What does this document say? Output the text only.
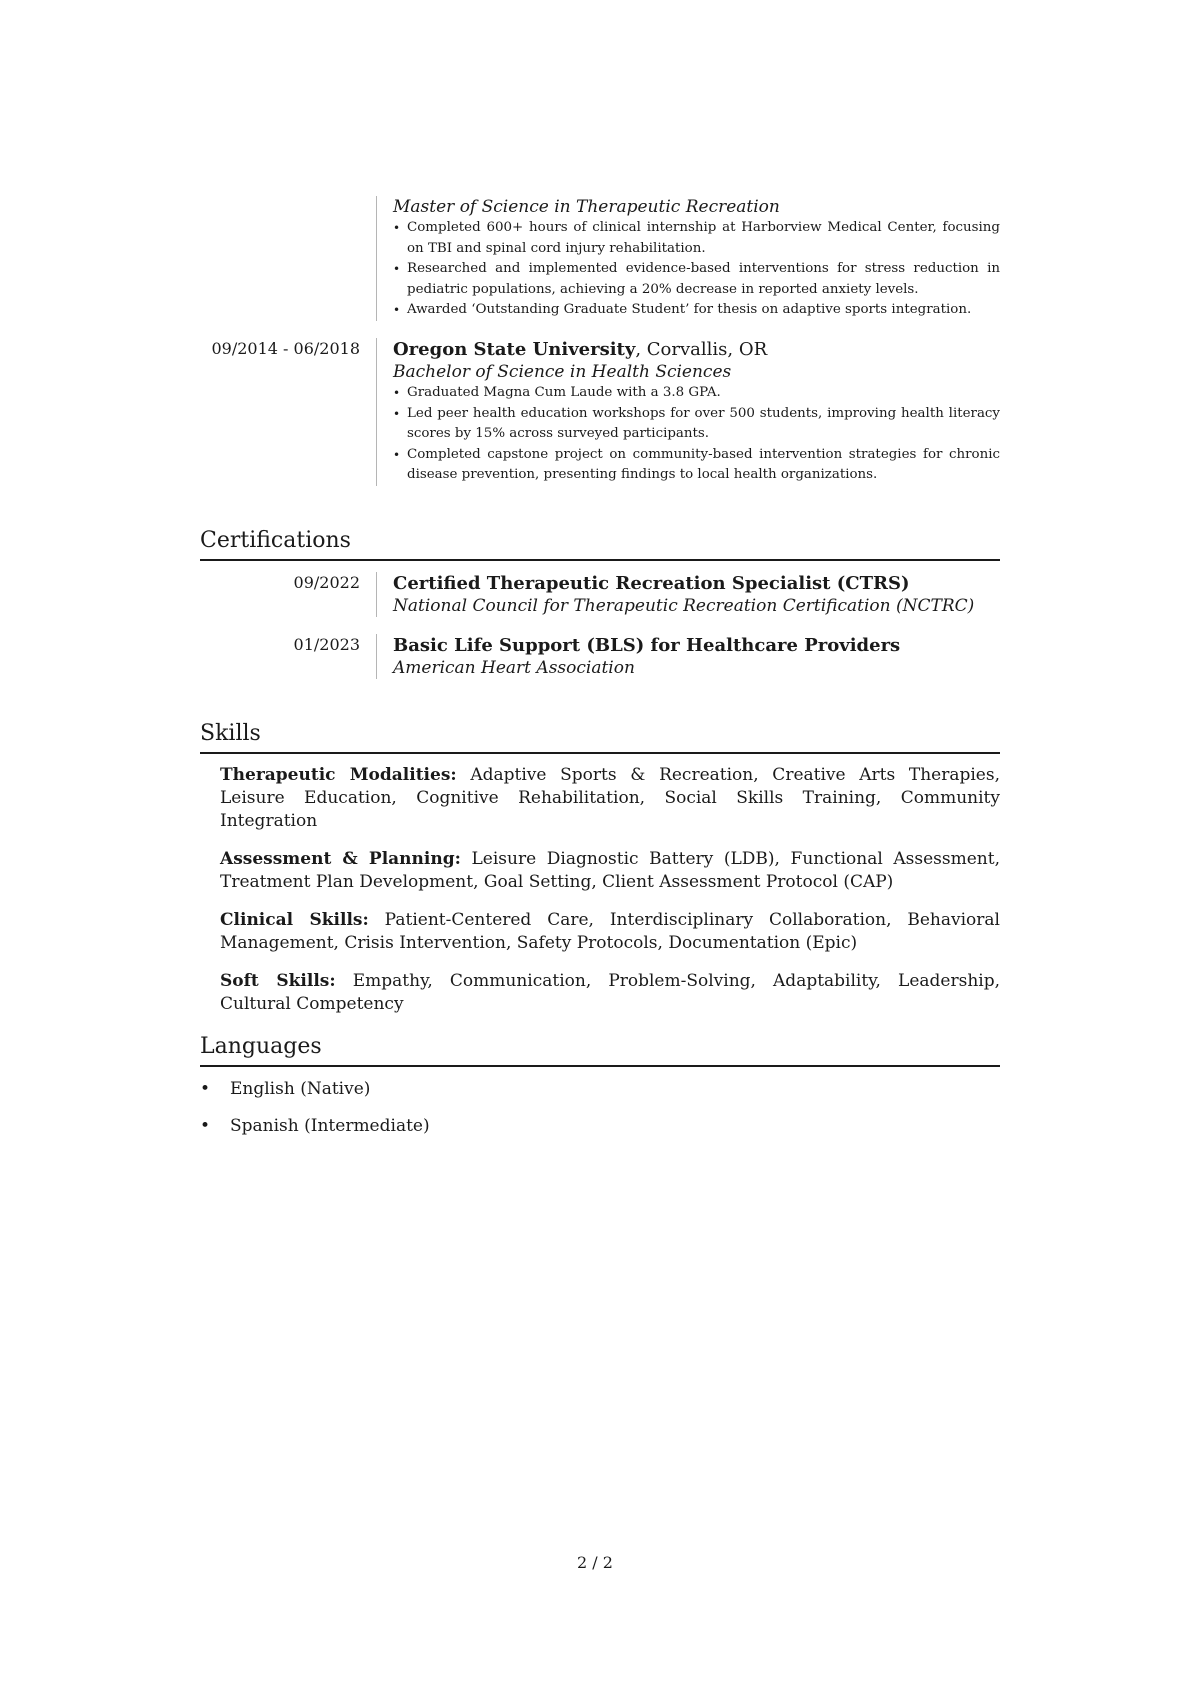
Master of Science in Therapeutic Recreation
• Completed 600+ hours of clinical internship at Harborview Medical Center, focusing on TBI and spinal cord injury rehabilitation.
• Researched and implemented evidence-based interventions for stress reduction in pediatric populations, achieving a 20% decrease in reported anxiety levels.
• Awarded ‘Outstanding Graduate Student’ for thesis on adaptive sports integration.
09/2014 - 06/2018	Oregon State University, Corvallis, OR
Bachelor of Science in Health Sciences
• Graduated Magna Cum Laude with a 3.8 GPA.
• Led peer health education workshops for over 500 students, improving health literacy scores by 15% across surveyed participants.
• Completed capstone project on community-based intervention strategies for chronic disease prevention, presenting findings to local health organizations.
Certifications
09/2022	Certified Therapeutic Recreation Specialist (CTRS)
National Council for Therapeutic Recreation Certification (NCTRC)
01/2023	Basic Life Support (BLS) for Healthcare Providers
American Heart Association
Skills

Therapeutic Modalities: Adaptive Sports & Recreation, Creative Arts Therapies, Leisure Education, Cognitive Rehabilitation, Social Skills Training, Community Integration

Assessment & Planning: Leisure Diagnostic Battery (LDB), Functional Assessment, Treatment Plan Development, Goal Setting, Client Assessment Protocol (CAP)

Clinical Skills: Patient-Centered Care, Interdisciplinary Collaboration, Behavioral Management, Crisis Intervention, Safety Protocols, Documentation (Epic)

Soft Skills: Empathy, Communication, Problem-Solving, Adaptability, Leadership, Cultural Competency

Languages
• English (Native)
• Spanish (Intermediate)
2 / 2
